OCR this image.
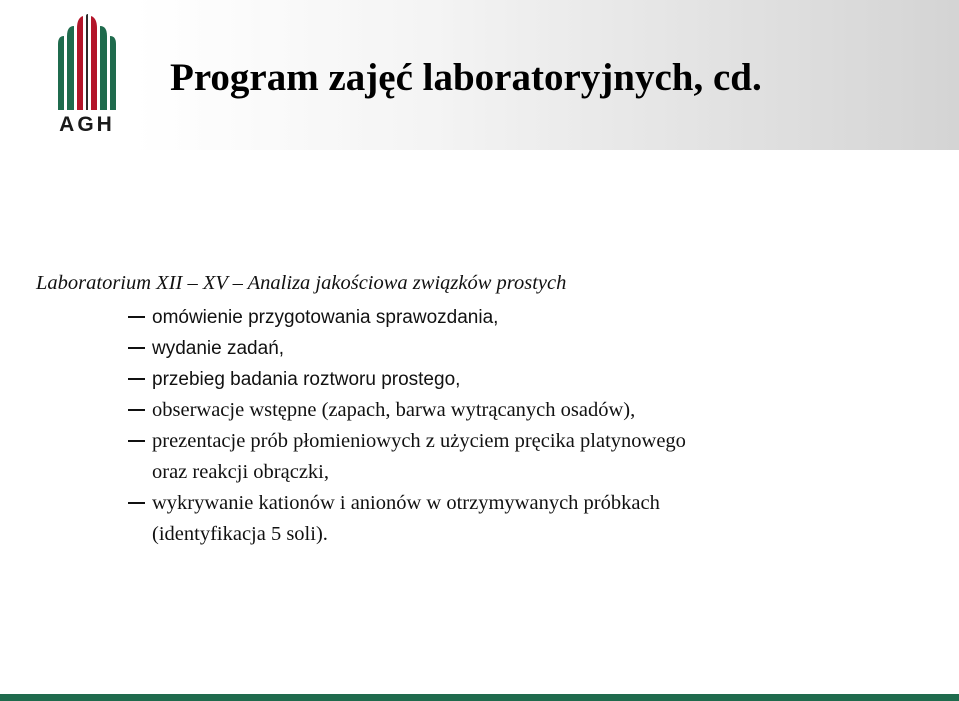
AGH
Program zajęć laboratoryjnych, cd.

Laboratorium XII – XV – Analiza jakościowa związków prostych

omówienie przygotowania sprawozdania,
wydanie zadań,
przebieg badania roztworu prostego,
obserwacje wstępne (zapach, barwa wytrącanych osadów),
prezentacje prób płomieniowych z użyciem pręcika platynowego
oraz reakcji obrączki,
wykrywanie kationów i anionów w otrzymywanych próbkach
(identyfikacja 5 soli).
